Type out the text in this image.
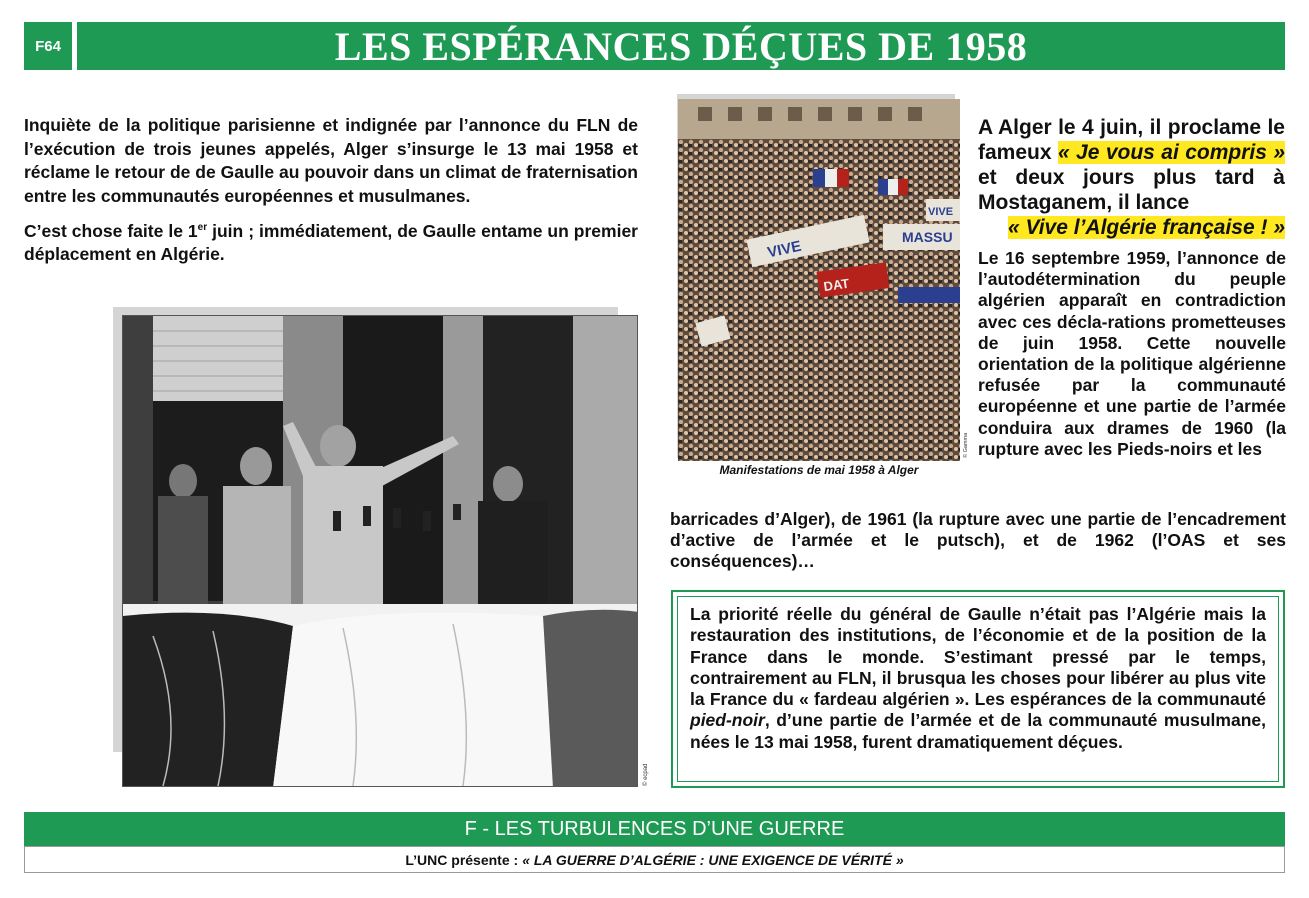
F64	LES ESPÉRANCES DÉÇUES DE 1958

Inquiète de la politique parisienne et indignée par l’annonce du FLN de l’exécution de trois jeunes appelés, Alger s’insurge le 13 mai 1958 et réclame le retour de de Gaulle au pouvoir dans un climat de fraternisation entre les communautés européennes et musulmanes.

C’est chose faite le 1er juin ; immédiatement, de Gaulle entame un premier déplacement en Algérie.

© ecpad
VIVE
MASSU
VIVE
DAT
© Gamma
Manifestations de mai 1958 à Alger
A Alger le 4 juin, il proclame le fameux « Je vous ai compris » et deux jours plus tard à Mostaganem, il lance
« Vive l’Algérie française ! »
Le 16 septembre 1959, l’annonce de l’autodétermination du peuple algérien apparaît en contradiction avec ces décla-rations prometteuses de juin 1958. Cette nouvelle orientation de la politique algérienne refusée par la communauté européenne et une partie de l’armée conduira aux drames de 1960 (la rupture avec les Pieds-noirs et les
barricades d’Alger), de 1961 (la rupture avec une partie de l’encadrement d’active de l’armée et le putsch), et de 1962 (l’OAS et ses conséquences)…
La priorité réelle du général de Gaulle n’était pas l’Algérie mais la restauration des institutions, de l’économie et de la position de la France dans le monde. S’estimant pressé par le temps, contrairement au FLN, il brusqua les choses pour libérer au plus vite la France du « fardeau algérien ». Les espérances de la communauté pied-noir, d’une partie de l’armée et de la communauté musulmane, nées le 13 mai 1958, furent dramatiquement déçues.
F - LES TURBULENCES D’UNE GUERRE
L’UNC présente : « LA GUERRE D’ALGÉRIE : UNE EXIGENCE DE VÉRITÉ »
